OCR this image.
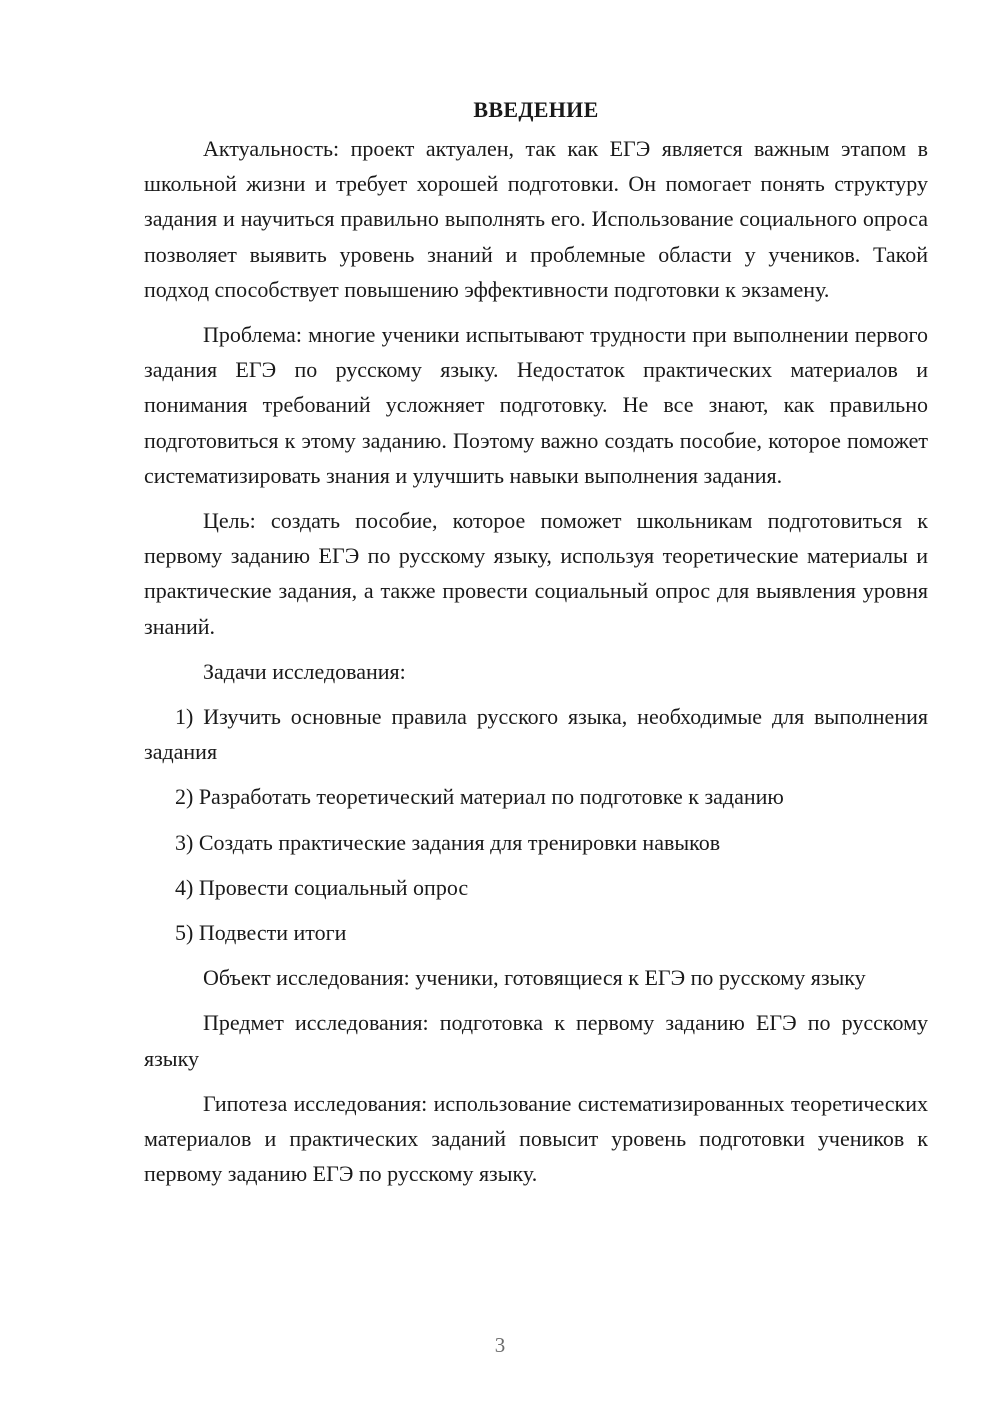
ВВЕДЕНИЕ

Актуальность: проект актуален, так как ЕГЭ является важным этапом в школьной жизни и требует хорошей подготовки. Он помогает понять структуру задания и научиться правильно выполнять его. Использование социального опроса позволяет выявить уровень знаний и проблемные области у учеников. Такой подход способствует повышению эффективности подготовки к экзамену.

Проблема: многие ученики испытывают трудности при выполнении первого задания ЕГЭ по русскому языку. Недостаток практических материалов и понимания требований усложняет подготовку. Не все знают, как правильно подготовиться к этому заданию. Поэтому важно создать пособие, которое поможет систематизировать знания и улучшить навыки выполнения задания.

Цель: создать пособие, которое поможет школьникам подготовиться к первому заданию ЕГЭ по русскому языку, используя теоретические материалы и практические задания, а также провести социальный опрос для выявления уровня знаний.

Задачи исследования:

1) Изучить основные правила русского языка, необходимые для выполнения задания

2) Разработать теоретический материал по подготовке к заданию

3) Создать практические задания для тренировки навыков

4) Провести социальный опрос

5) Подвести итоги

Объект исследования: ученики, готовящиеся к ЕГЭ по русскому языку

Предмет исследования: подготовка к первому заданию ЕГЭ по русскому языку

Гипотеза исследования: использование систематизированных теоретических материалов и практических заданий повысит уровень подготовки учеников к первому заданию ЕГЭ по русскому языку.

3
